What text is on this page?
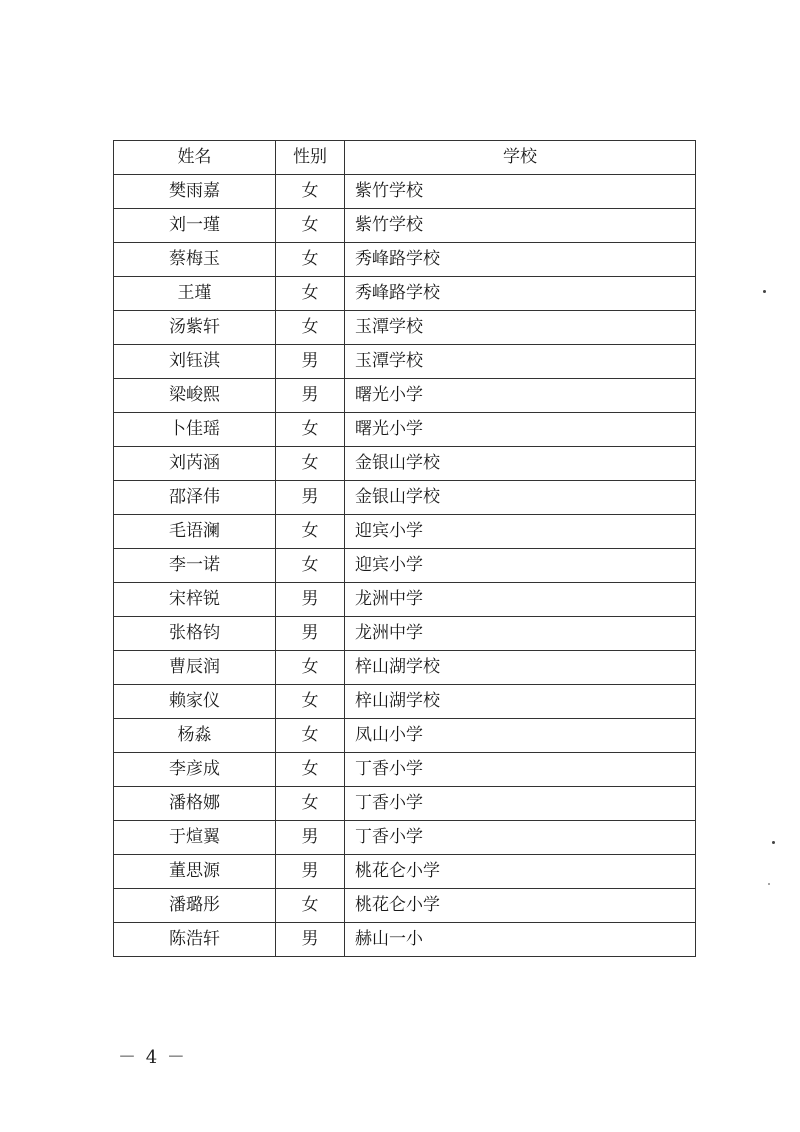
姓名	性别	学校
樊雨嘉	女	紫竹学校
刘一瑾	女	紫竹学校
蔡梅玉	女	秀峰路学校
王瑾	女	秀峰路学校
汤紫轩	女	玉潭学校
刘钰淇	男	玉潭学校
梁峻熙	男	曙光小学
卜佳瑶	女	曙光小学
刘芮涵	女	金银山学校
邵泽伟	男	金银山学校
毛语澜	女	迎宾小学
李一诺	女	迎宾小学
宋梓锐	男	龙洲中学
张格钧	男	龙洲中学
曹辰润	女	梓山湖学校
赖家仪	女	梓山湖学校
杨淼	女	凤山小学
李彦成	女	丁香小学
潘格娜	女	丁香小学
于煊翼	男	丁香小学
董思源	男	桃花仑小学
潘璐彤	女	桃花仑小学
陈浩轩	男	赫山一小
－ 4 －
